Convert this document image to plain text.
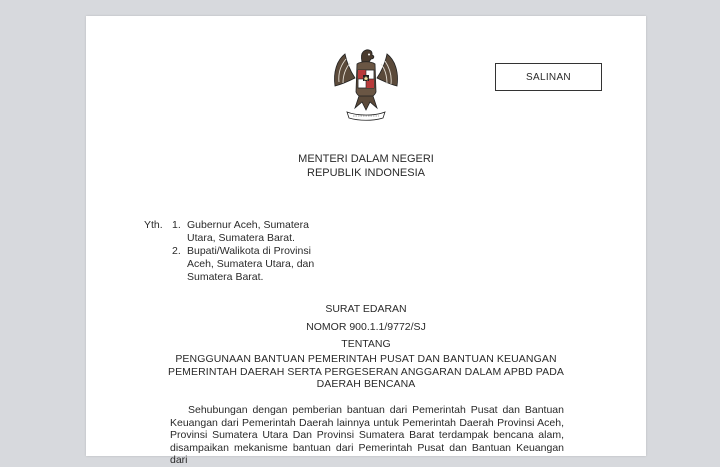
SALINAN
MENTERI DALAM NEGERI
REPUBLIK INDONESIA
Yth. 1. Gubernur Aceh, Sumatera Utara, Sumatera Barat.
2. Bupati/Walikota di Provinsi Aceh, Sumatera Utara, dan Sumatera Barat.
SURAT EDARAN
NOMOR 900.1.1/9772/SJ
TENTANG
PENGGUNAAN BANTUAN PEMERINTAH PUSAT DAN BANTUAN KEUANGAN PEMERINTAH DAERAH SERTA PERGESERAN ANGGARAN DALAM APBD PADA DAERAH BENCANA
Sehubungan dengan pemberian bantuan dari Pemerintah Pusat dan Bantuan Keuangan dari Pemerintah Daerah lainnya untuk Pemerintah Daerah Provinsi Aceh, Provinsi Sumatera Utara Dan Provinsi Sumatera Barat terdampak bencana alam, disampaikan mekanisme bantuan dari Pemerintah Pusat dan Bantuan Keuangan dari
